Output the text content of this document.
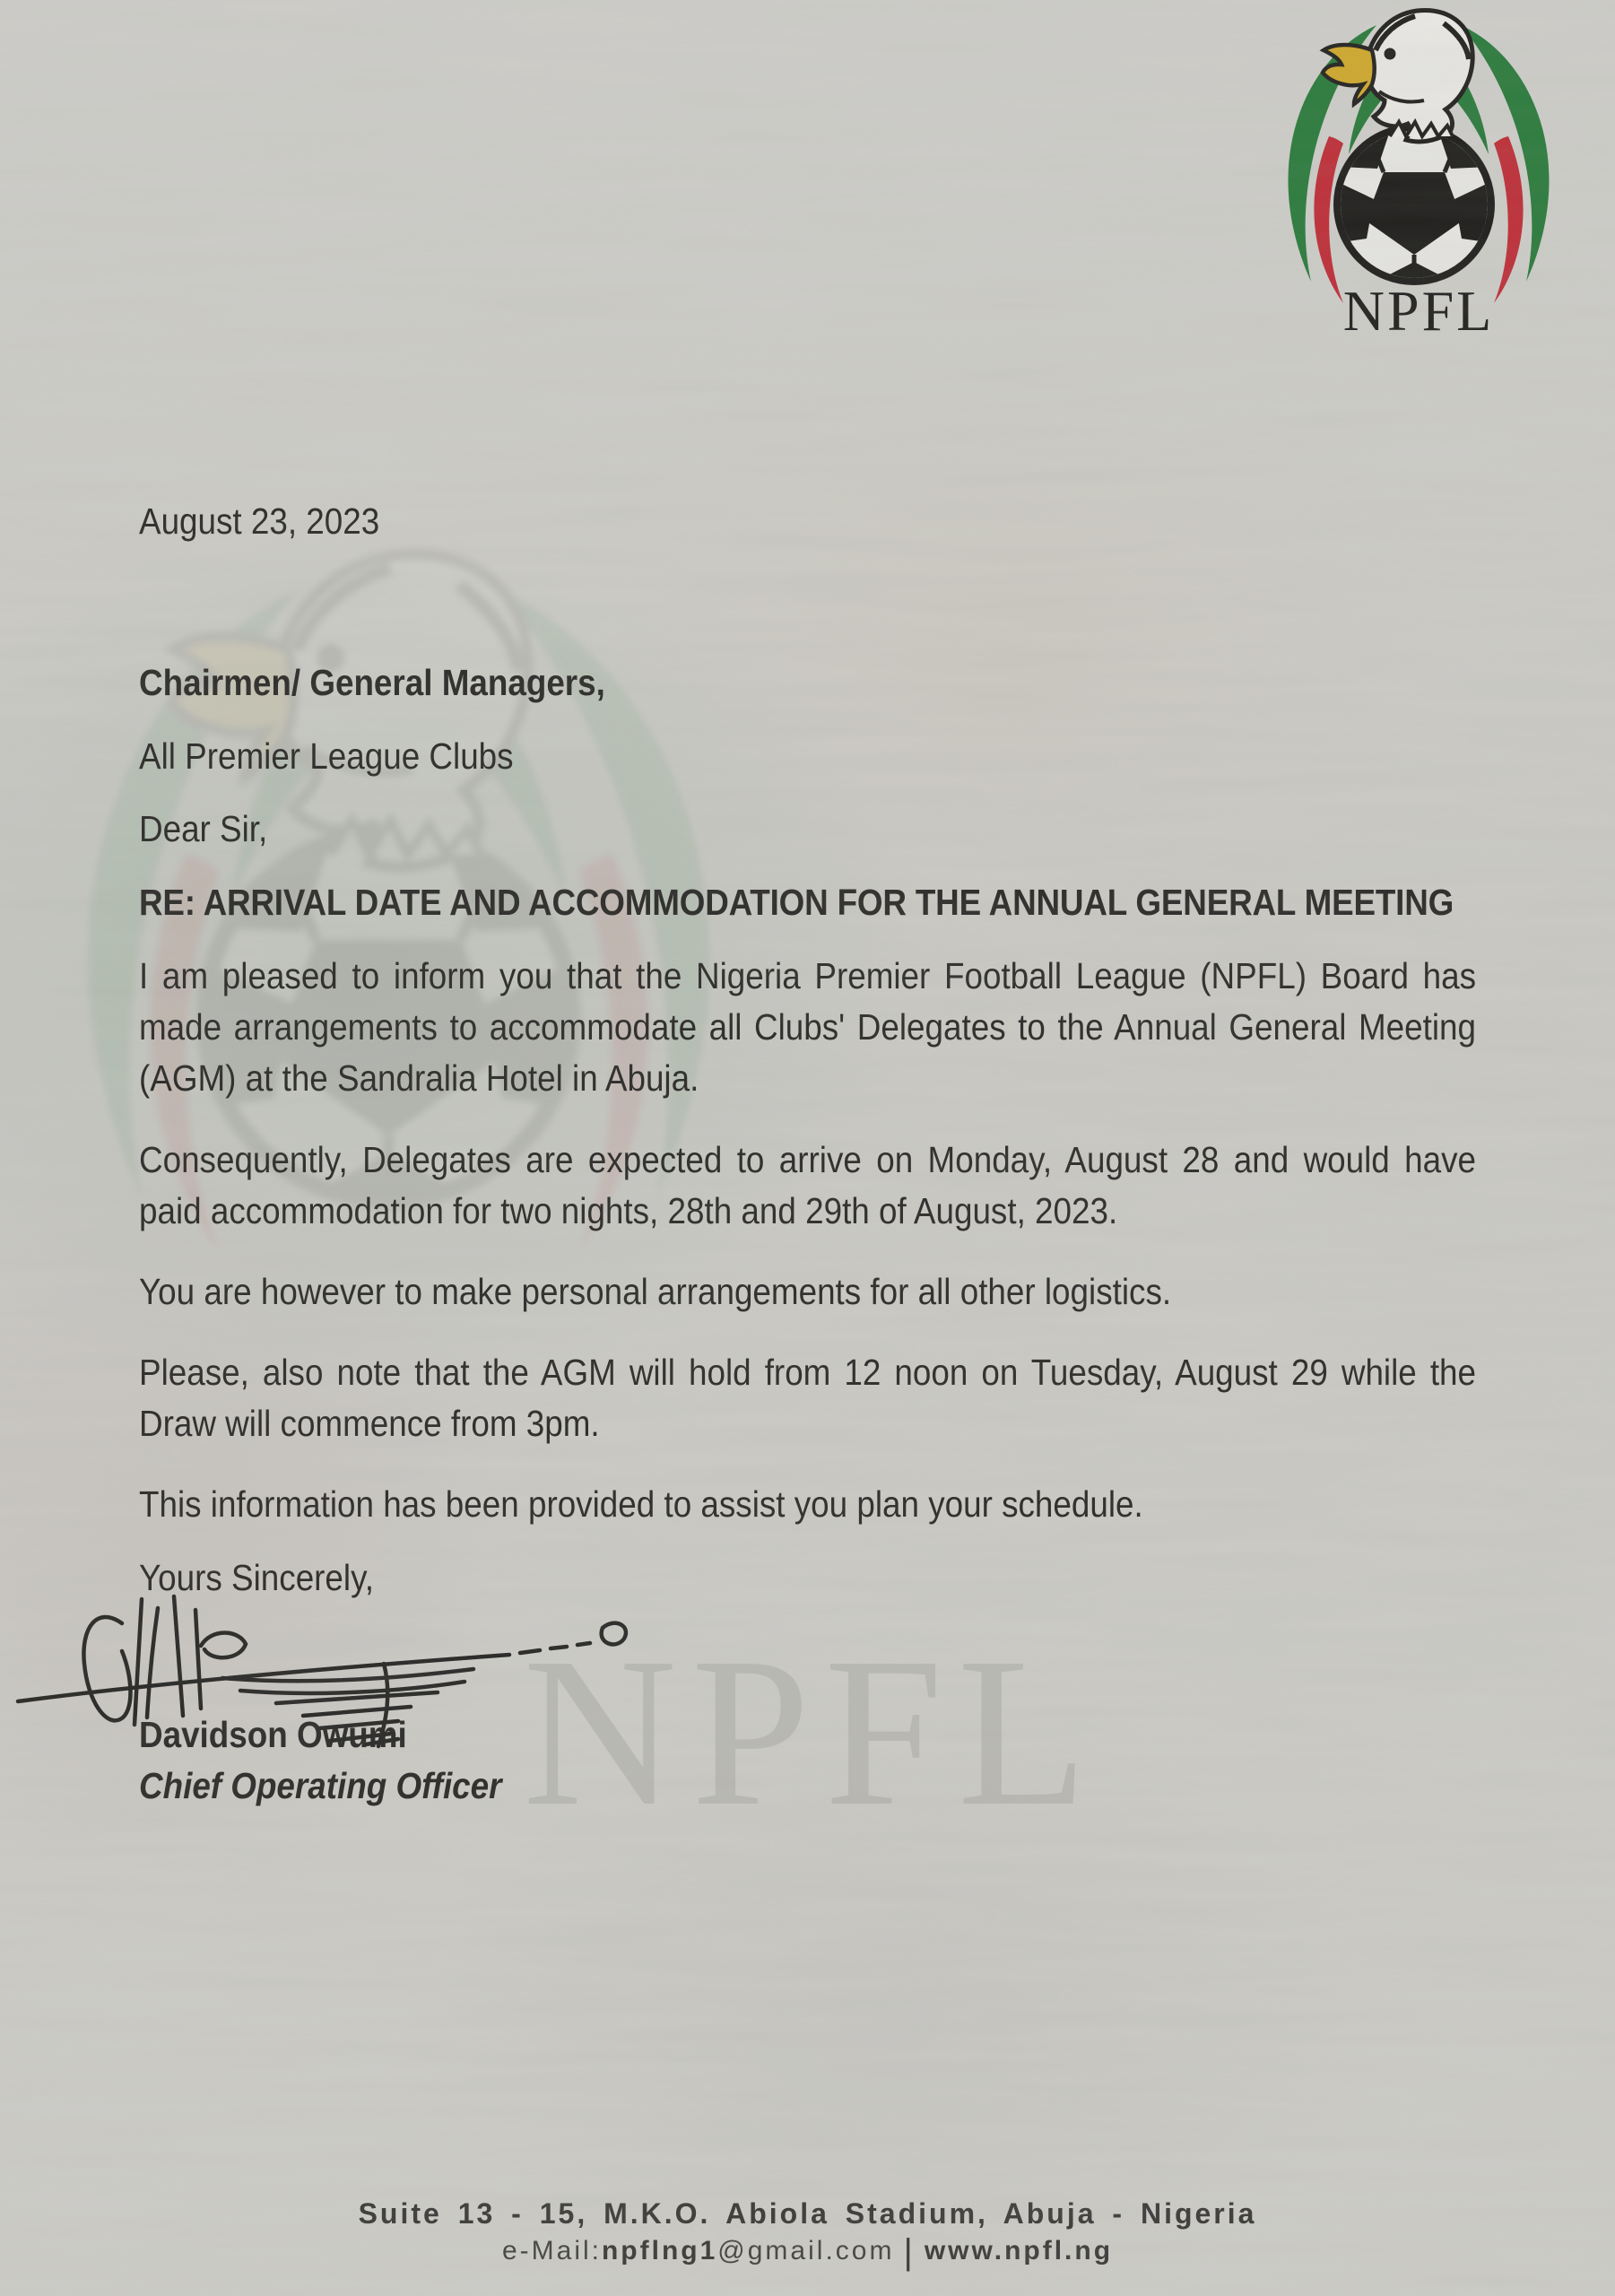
NPFL
NPFL
August 23, 2023
Chairmen/ General Managers,
All Premier League Clubs
Dear Sir,
RE: ARRIVAL DATE AND ACCOMMODATION FOR THE ANNUAL GENERAL MEETING
I am pleased to inform you that the Nigeria Premier Football League (NPFL) Board has made arrangements to accommodate all Clubs' Delegates to the Annual General Meeting (AGM) at the Sandralia Hotel in Abuja.
Consequently, Delegates are expected to arrive on Monday, August 28 and would have paid accommodation for two nights, 28th and 29th of August, 2023.
You are however to make personal arrangements for all other logistics.
Please, also note that the AGM will hold from 12 noon on Tuesday, August 29 while the Draw will commence from 3pm.
This information has been provided to assist you plan your schedule.
Yours Sincerely,
Davidson Owumi
Chief Operating Officer
Suite 13 - 15, M.K.O. Abiola Stadium, Abuja - Nigeria
e-Mail:npflng1@gmail.com | www.npfl.ng
